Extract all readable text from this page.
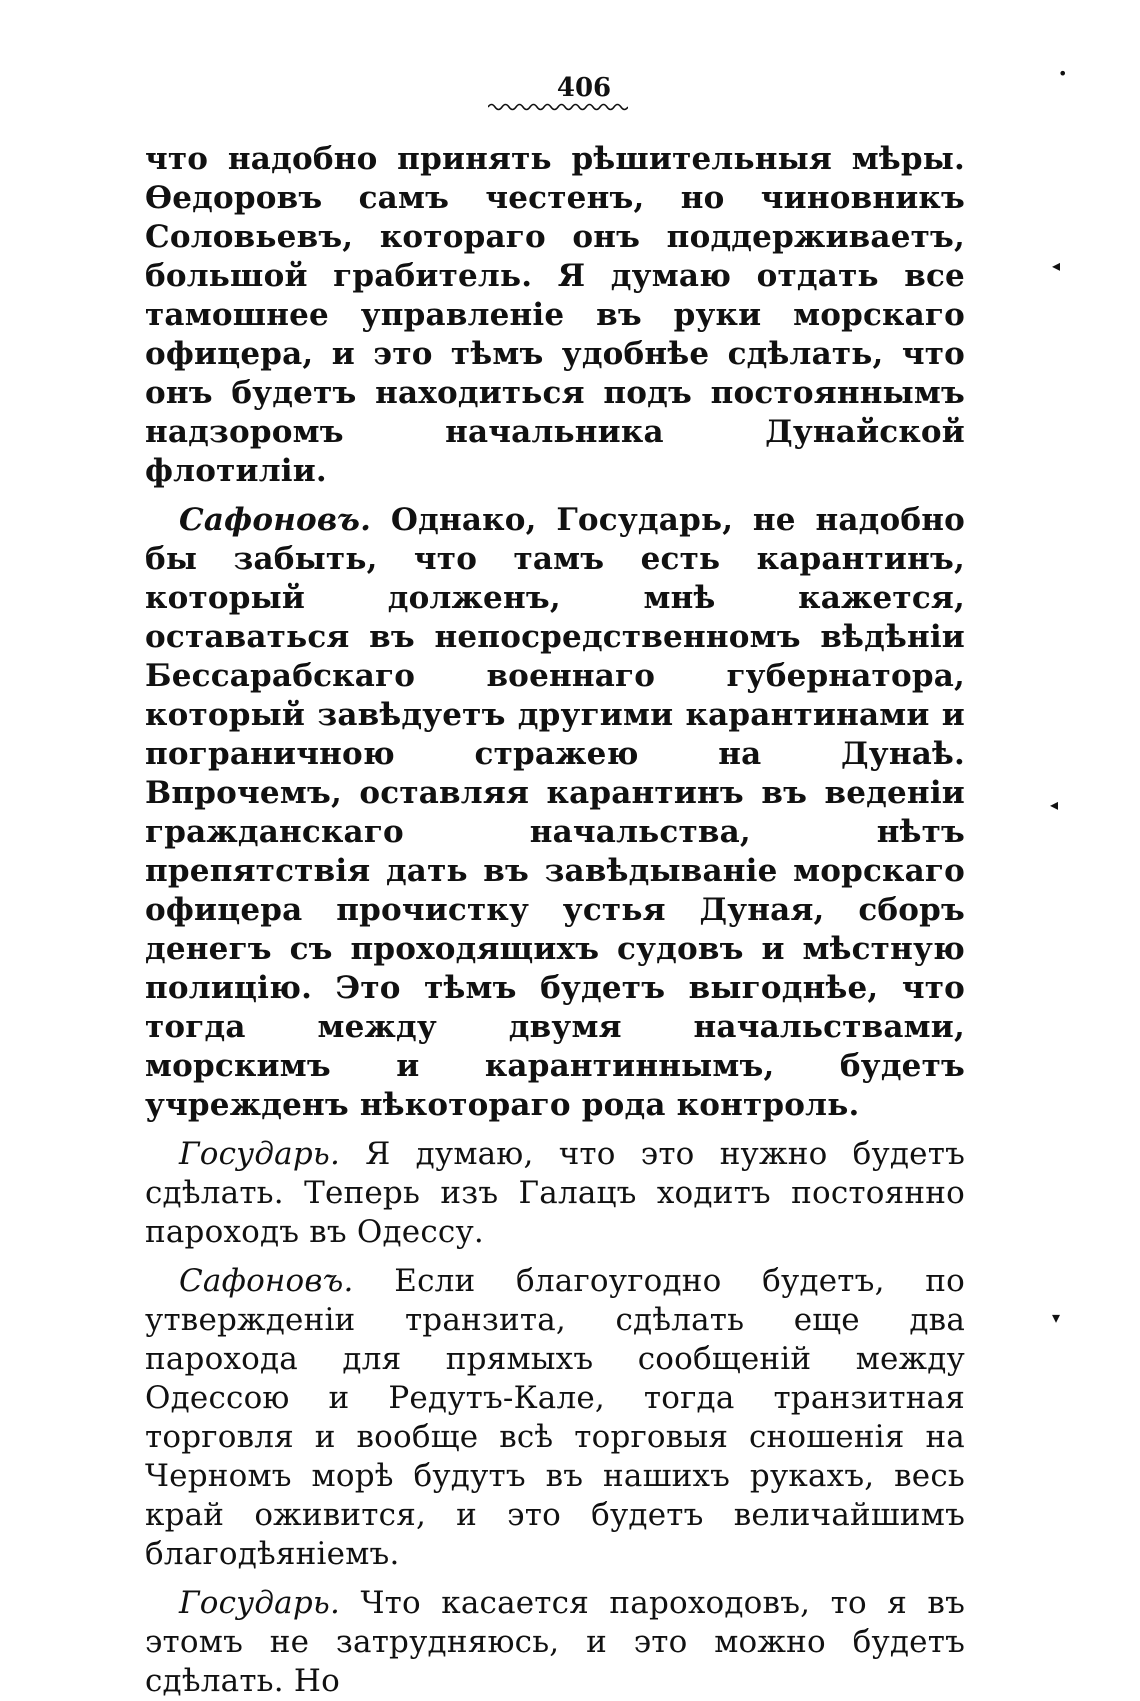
406

что надобно принять рѣшительныя мѣры. Өедоровъ самъ честенъ, но чиновникъ Соловьевъ, котораго онъ поддерживаетъ, большой грабитель. Я думаю отдать все тамошнее управленіе въ руки морскаго офицера, и это тѣмъ удобнѣе сдѣлать, что онъ будетъ находиться подъ постояннымъ надзоромъ начальника Дунайской флотиліи.

Сафоновъ. Однако, Государь, не надобно бы забыть, что тамъ есть карантинъ, который долженъ, мнѣ кажется, оставаться въ непосредственномъ вѣдѣніи Бессарабскаго военнаго губернатора, который завѣдуетъ другими карантинами и пограничною стражею на Дунаѣ. Впрочемъ, оставляя карантинъ въ веденіи гражданскаго начальства, нѣтъ препятствія дать въ завѣдываніе морскаго офицера прочистку устья Дуная, сборъ денегъ съ проходящихъ судовъ и мѣстную полицію. Это тѣмъ будетъ выгоднѣе, что тогда между двумя начальствами, морскимъ и карантиннымъ, будетъ учрежденъ нѣкотораго рода контроль.

Государь. Я думаю, что это нужно будетъ сдѣлать. Теперь изъ Галацъ ходитъ постоянно пароходъ въ Одессу.

Сафоновъ. Если благоугодно будетъ, по утвержденіи транзита, сдѣлать еще два парохода для прямыхъ сообщеній между Одессою и Редутъ-Кале, тогда транзитная торговля и вообще всѣ торговыя сношенія на Черномъ морѣ будутъ въ нашихъ рукахъ, весь край оживится, и это будетъ величайшимъ благодѣяніемъ.

Государь. Что касается пароходовъ, то я въ этомъ не затрудняюсь, и это можно будетъ сдѣлать. Но

•
◂
◂
▾
